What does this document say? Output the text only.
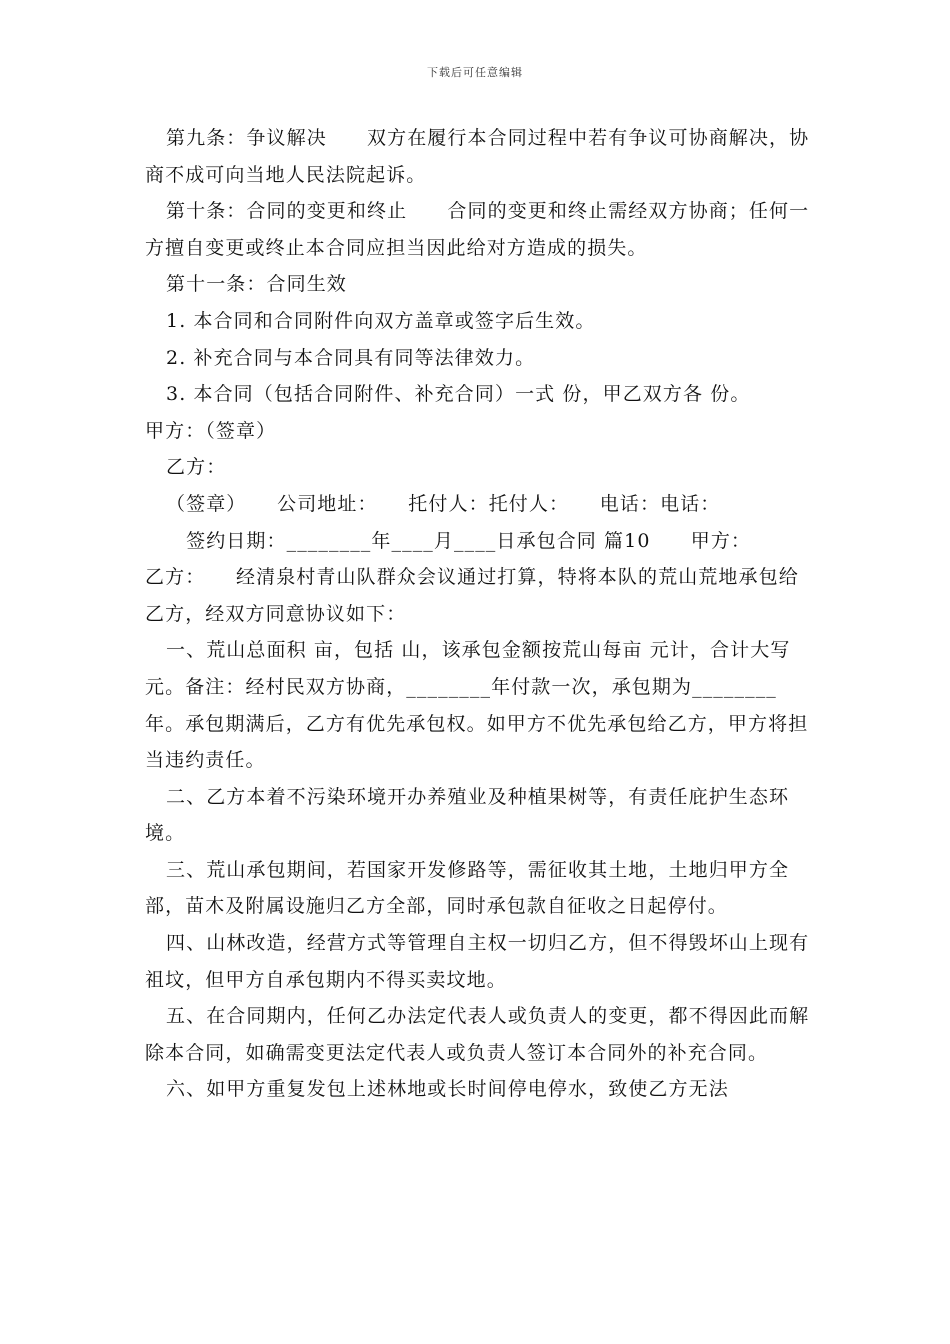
下载后可任意编辑

第九条：争议解决　　双方在履行本合同过程中若有争议可协商解决，协商不成可向当地人民法院起诉。

第十条：合同的变更和终止　　合同的变更和终止需经双方协商；任何一方擅自变更或终止本合同应担当因此给对方造成的损失。

第十一条：合同生效

1. 本合同和合同附件向双方盖章或签字后生效。

2. 补充合同与本合同具有同等法律效力。

3. 本合同（包括合同附件、补充合同）一式 份，甲乙双方各 份。

甲方：（签章）

乙方：

（签章）　　公司地址：　　托付人：托付人：　　电话：电话：

　签约日期：________年____月____日承包合同 篇10　　甲方：

乙方：　　经清泉村青山队群众会议通过打算，特将本队的荒山荒地承包给乙方，经双方同意协议如下：

一、荒山总面积 亩，包括 山，该承包金额按荒山每亩 元计，合计大写 元。备注：经村民双方协商，________年付款一次，承包期为________年。承包期满后，乙方有优先承包权。如甲方不优先承包给乙方，甲方将担当违约责任。

二、乙方本着不污染环境开办养殖业及种植果树等，有责任庇护生态环境。

三、荒山承包期间，若国家开发修路等，需征收其土地，土地归甲方全部，苗木及附属设施归乙方全部，同时承包款自征收之日起停付。

四、山林改造，经营方式等管理自主权一切归乙方，但不得毁坏山上现有祖坟，但甲方自承包期内不得买卖坟地。

五、在合同期内，任何乙办法定代表人或负责人的变更，都不得因此而解除本合同，如确需变更法定代表人或负责人签订本合同外的补充合同。

六、如甲方重复发包上述林地或长时间停电停水，致使乙方无法
